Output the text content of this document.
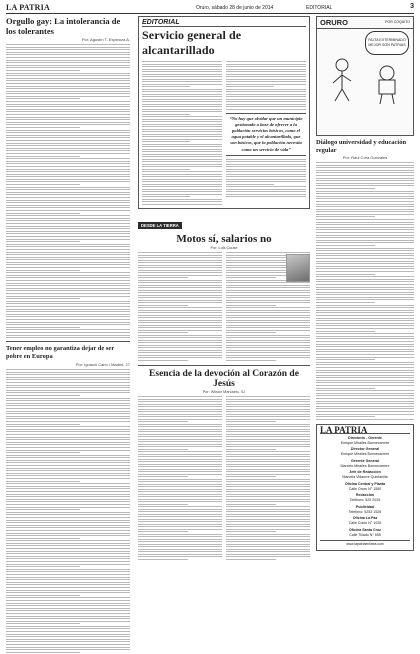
LA PATRIA	Oruro, sábado 28 de junio de 2014	EDITORIAL	3
Orgullo gay: La intolerancia de los tolerantes
Por: Agustín T. Espinoza A.
Tener empleo no garantiza dejar de ser pobre en Europa
Por: Ignacio Cano / Madrid, 27
EDITORIAL
Servicio general de alcantarillado
“No hay que olvidar que un municipio gestionado a base de ofrecer a la población servicios básicos, como el agua potable y el alcantarillado, que son básicos, que la población necesita como un servicio de vida”
DESDE LA TIERRA
Motos sí, salarios no
Por: Luis Cuuse
Esencia de la devoción al Corazón de Jesús
Por: Wilson Marcaelo, SJ
ORURO	POR COQUITO
FALTA EXTERMINADO MEJOR SON PATRIAS
Diálogo universidad y educación regular
Por: Raul Cora Gonzales
LA PATRIA
Directorio - Gerente
Enrique Miralles Bonnecarrere
Director General
Enrique Miralles Bonnecarrere
Gerente General
Marcelo Miralles Bonnecarrere
Jefe de Redacción
Marcela Vidaurre Quintanilla
Oficina Central y Planta
Calle Oruro N° 1550
Redacción
Teléfono: 525 2025
Publicidad
Teléfono: 5253 1526
Oficina La Paz
Calle Colón N° 1026
Oficina Santa Cruz
Calle Tiliado N° 555
www.lapatriaenlinea.com
